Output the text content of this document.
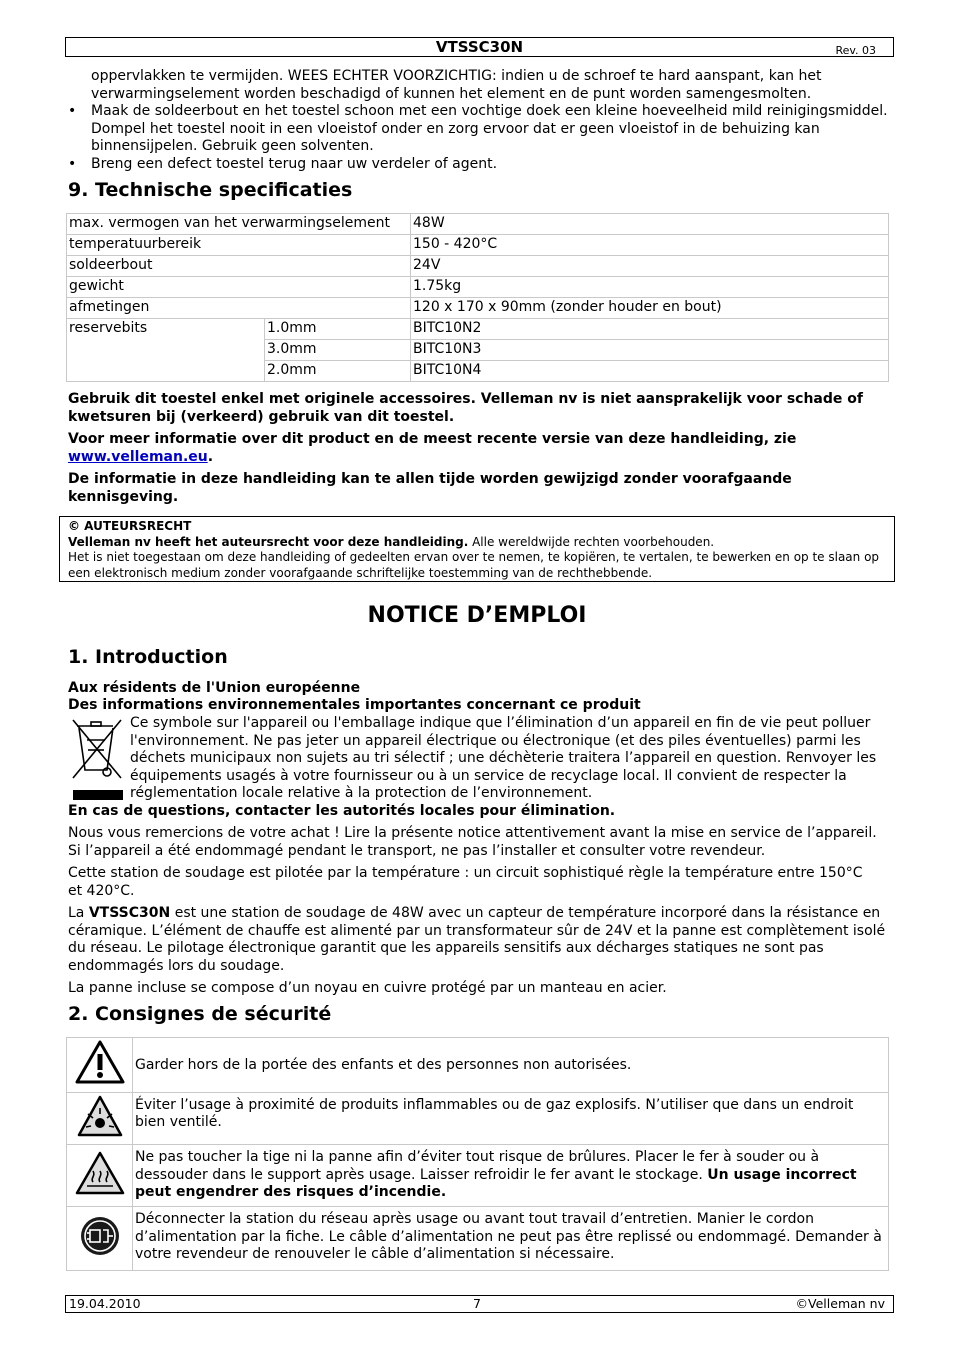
VTSSC30N	Rev. 03
oppervlakken te vermijden. WEES ECHTER VOORZICHTIG: indien u de schroef te hard aanspant, kan het verwarmingselement worden beschadigd of kunnen het element en de punt worden samengesmolten.
• Maak de soldeerbout en het toestel schoon met een vochtige doek een kleine hoeveelheid mild reinigingsmiddel. Dompel het toestel nooit in een vloeistof onder en zorg ervoor dat er geen vloeistof in de behuizing kan binnensijpelen. Gebruik geen solventen.
• Breng een defect toestel terug naar uw verdeler of agent.
9. Technische specificaties
max. vermogen van het verwarmingselement		48W
temperatuurbereik		150 - 420°C
soldeerbout		24V
gewicht		1.75kg
afmetingen		120 x 170 x 90mm (zonder houder en bout)
reservebits	1.0mm	BITC10N2
	3.0mm	BITC10N3
	2.0mm	BITC10N4

Gebruik dit toestel enkel met originele accessoires. Velleman nv is niet aansprakelijk voor schade of kwetsuren bij (verkeerd) gebruik van dit toestel.

Voor meer informatie over dit product en de meest recente versie van deze handleiding, zie
www.velleman.eu.

De informatie in deze handleiding kan te allen tijde worden gewijzigd zonder voorafgaande kennisgeving.

© AUTEURSRECHT
Velleman nv heeft het auteursrecht voor deze handleiding. Alle wereldwijde rechten voorbehouden.
Het is niet toegestaan om deze handleiding of gedeelten ervan over te nemen, te kopiëren, te vertalen, te bewerken en op te slaan op een elektronisch medium zonder voorafgaande schriftelijke toestemming van de rechthebbende.
NOTICE D’EMPLOI
1. Introduction

Aux résidents de l'Union européenne

Des informations environnementales importantes concernant ce produit

Ce symbole sur l'appareil ou l'emballage indique que l’élimination d’un appareil en fin de vie peut polluer l'environnement. Ne pas jeter un appareil électrique ou électronique (et des piles éventuelles) parmi les déchets municipaux non sujets au tri sélectif ; une déchèterie traitera l’appareil en question. Renvoyer les équipements usagés à votre fournisseur ou à un service de recyclage local. Il convient de respecter la réglementation locale relative à la protection de l’environnement.

En cas de questions, contacter les autorités locales pour élimination.

Nous vous remercions de votre achat ! Lire la présente notice attentivement avant la mise en service de l’appareil. Si l’appareil a été endommagé pendant le transport, ne pas l’installer et consulter votre revendeur.

Cette station de soudage est pilotée par la température : un circuit sophistiqué règle la température entre 150°C et 420°C.

La VTSSC30N est une station de soudage de 48W avec un capteur de température incorporé dans la résistance en céramique. L’élément de chauffe est alimenté par un transformateur sûr de 24V et la panne est complètement isolé du réseau. Le pilotage électronique garantit que les appareils sensitifs aux décharges statiques ne sont pas endommagés lors du soudage.

La panne incluse se compose d’un noyau en cuivre protégé par un manteau en acier.

2. Consignes de sécurité
	Garder hors de la portée des enfants et des personnes non autorisées.
	Éviter l’usage à proximité de produits inflammables ou de gaz explosifs. N’utiliser que dans un endroit bien ventilé.
	Ne pas toucher la tige ni la panne afin d’éviter tout risque de brûlures. Placer le fer à souder ou à dessouder dans le support après usage. Laisser refroidir le fer avant le stockage. Un usage incorrect peut engendrer des risques d’incendie.
	Déconnecter la station du réseau après usage ou avant tout travail d’entretien. Manier le cordon d’alimentation par la fiche. Le câble d’alimentation ne peut pas être replissé ou endommagé. Demander à votre revendeur de renouveler le câble d’alimentation si nécessaire.
19.04.2010	7	©Velleman nv
